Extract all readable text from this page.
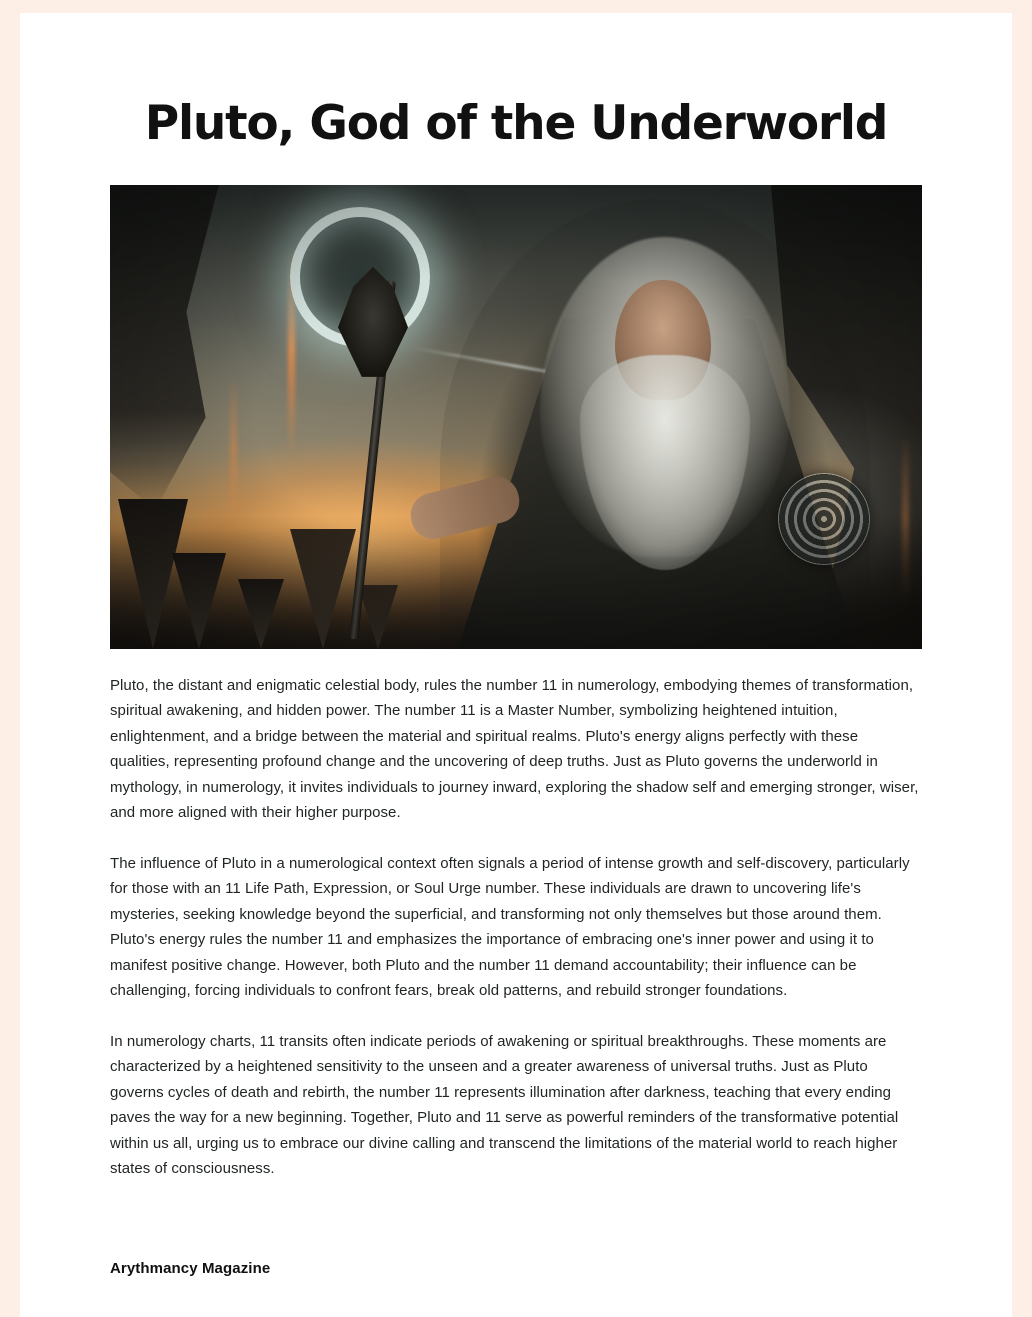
Pluto, God of the Underworld

Pluto, the distant and enigmatic celestial body, rules the number 11 in numerology, embodying themes of transformation, spiritual awakening, and hidden power. The number 11 is a Master Number, symbolizing heightened intuition, enlightenment, and a bridge between the material and spiritual realms. Pluto's energy aligns perfectly with these qualities, representing profound change and the uncovering of deep truths. Just as Pluto governs the underworld in mythology, in numerology, it invites individuals to journey inward, exploring the shadow self and emerging stronger, wiser, and more aligned with their higher purpose.

The influence of Pluto in a numerological context often signals a period of intense growth and self-discovery, particularly for those with an 11 Life Path, Expression, or Soul Urge number. These individuals are drawn to uncovering life's mysteries, seeking knowledge beyond the superficial, and transforming not only themselves but those around them. Pluto's energy rules the number 11 and emphasizes the importance of embracing one's inner power and using it to manifest positive change. However, both Pluto and the number 11 demand accountability; their influence can be challenging, forcing individuals to confront fears, break old patterns, and rebuild stronger foundations.

In numerology charts, 11 transits often indicate periods of awakening or spiritual breakthroughs. These moments are characterized by a heightened sensitivity to the unseen and a greater awareness of universal truths. Just as Pluto governs cycles of death and rebirth, the number 11 represents illumination after darkness, teaching that every ending paves the way for a new beginning. Together, Pluto and 11 serve as powerful reminders of the transformative potential within us all, urging us to embrace our divine calling and transcend the limitations of the material world to reach higher states of consciousness.

Arythmancy Magazine
